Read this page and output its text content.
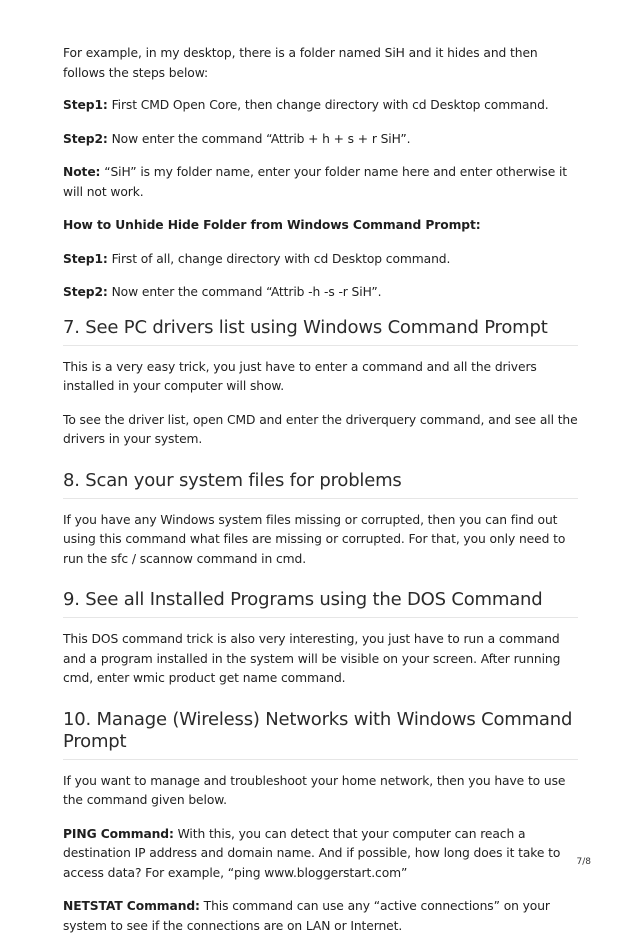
For example, in my desktop, there is a folder named SiH and it hides and then follows the steps below:

Step1: First CMD Open Core, then change directory with cd Desktop command.

Step2: Now enter the command “Attrib + h + s + r SiH”.

Note: “SiH” is my folder name, enter your folder name here and enter otherwise it will not work.

How to Unhide Hide Folder from Windows Command Prompt:

Step1: First of all, change directory with cd Desktop command.

Step2: Now enter the command “Attrib -h -s -r SiH”.

7. See PC drivers list using Windows Command Prompt

This is a very easy trick, you just have to enter a command and all the drivers installed in your computer will show.

To see the driver list, open CMD and enter the driverquery command, and see all the drivers in your system.

8. Scan your system files for problems

If you have any Windows system files missing or corrupted, then you can find out using this command what files are missing or corrupted. For that, you only need to run the sfc / scannow command in cmd.

9. See all Installed Programs using the DOS Command

This DOS command trick is also very interesting, you just have to run a command and a program installed in the system will be visible on your screen. After running cmd, enter wmic product get name command.

10. Manage (Wireless) Networks with Windows Command Prompt

If you want to manage and troubleshoot your home network, then you have to use the command given below.

PING Command: With this, you can detect that your computer can reach a destination IP address and domain name. And if possible, how long does it take to access data? For example, “ping www.bloggerstart.com”

NETSTAT Command: This command can use any “active connections” on your system to see if the connections are on LAN or Internet.

7/8
